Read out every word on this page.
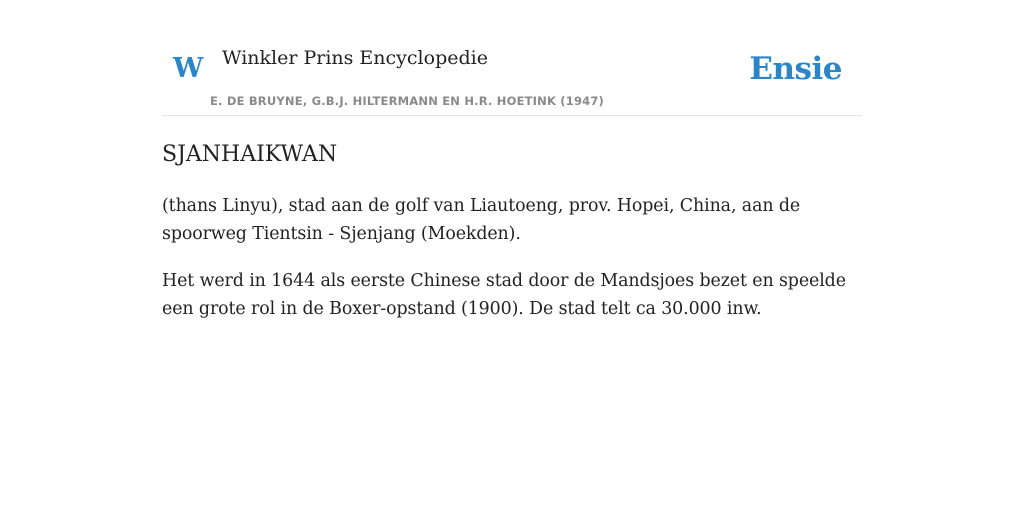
W Winkler Prins Encyclopedie
E. DE BRUYNE, G.B.J. HILTERMANN EN H.R. HOETINK (1947)
Ensie
SJANHAIKWAN

(thans Linyu), stad aan de golf van Liautoeng, prov. Hopei, China, aan de spoorweg Tientsin - Sjenjang (Moekden).

Het werd in 1644 als eerste Chinese stad door de Mandsjoes bezet en speelde een grote rol in de Boxer-opstand (1900). De stad telt ca 30.000 inw.
